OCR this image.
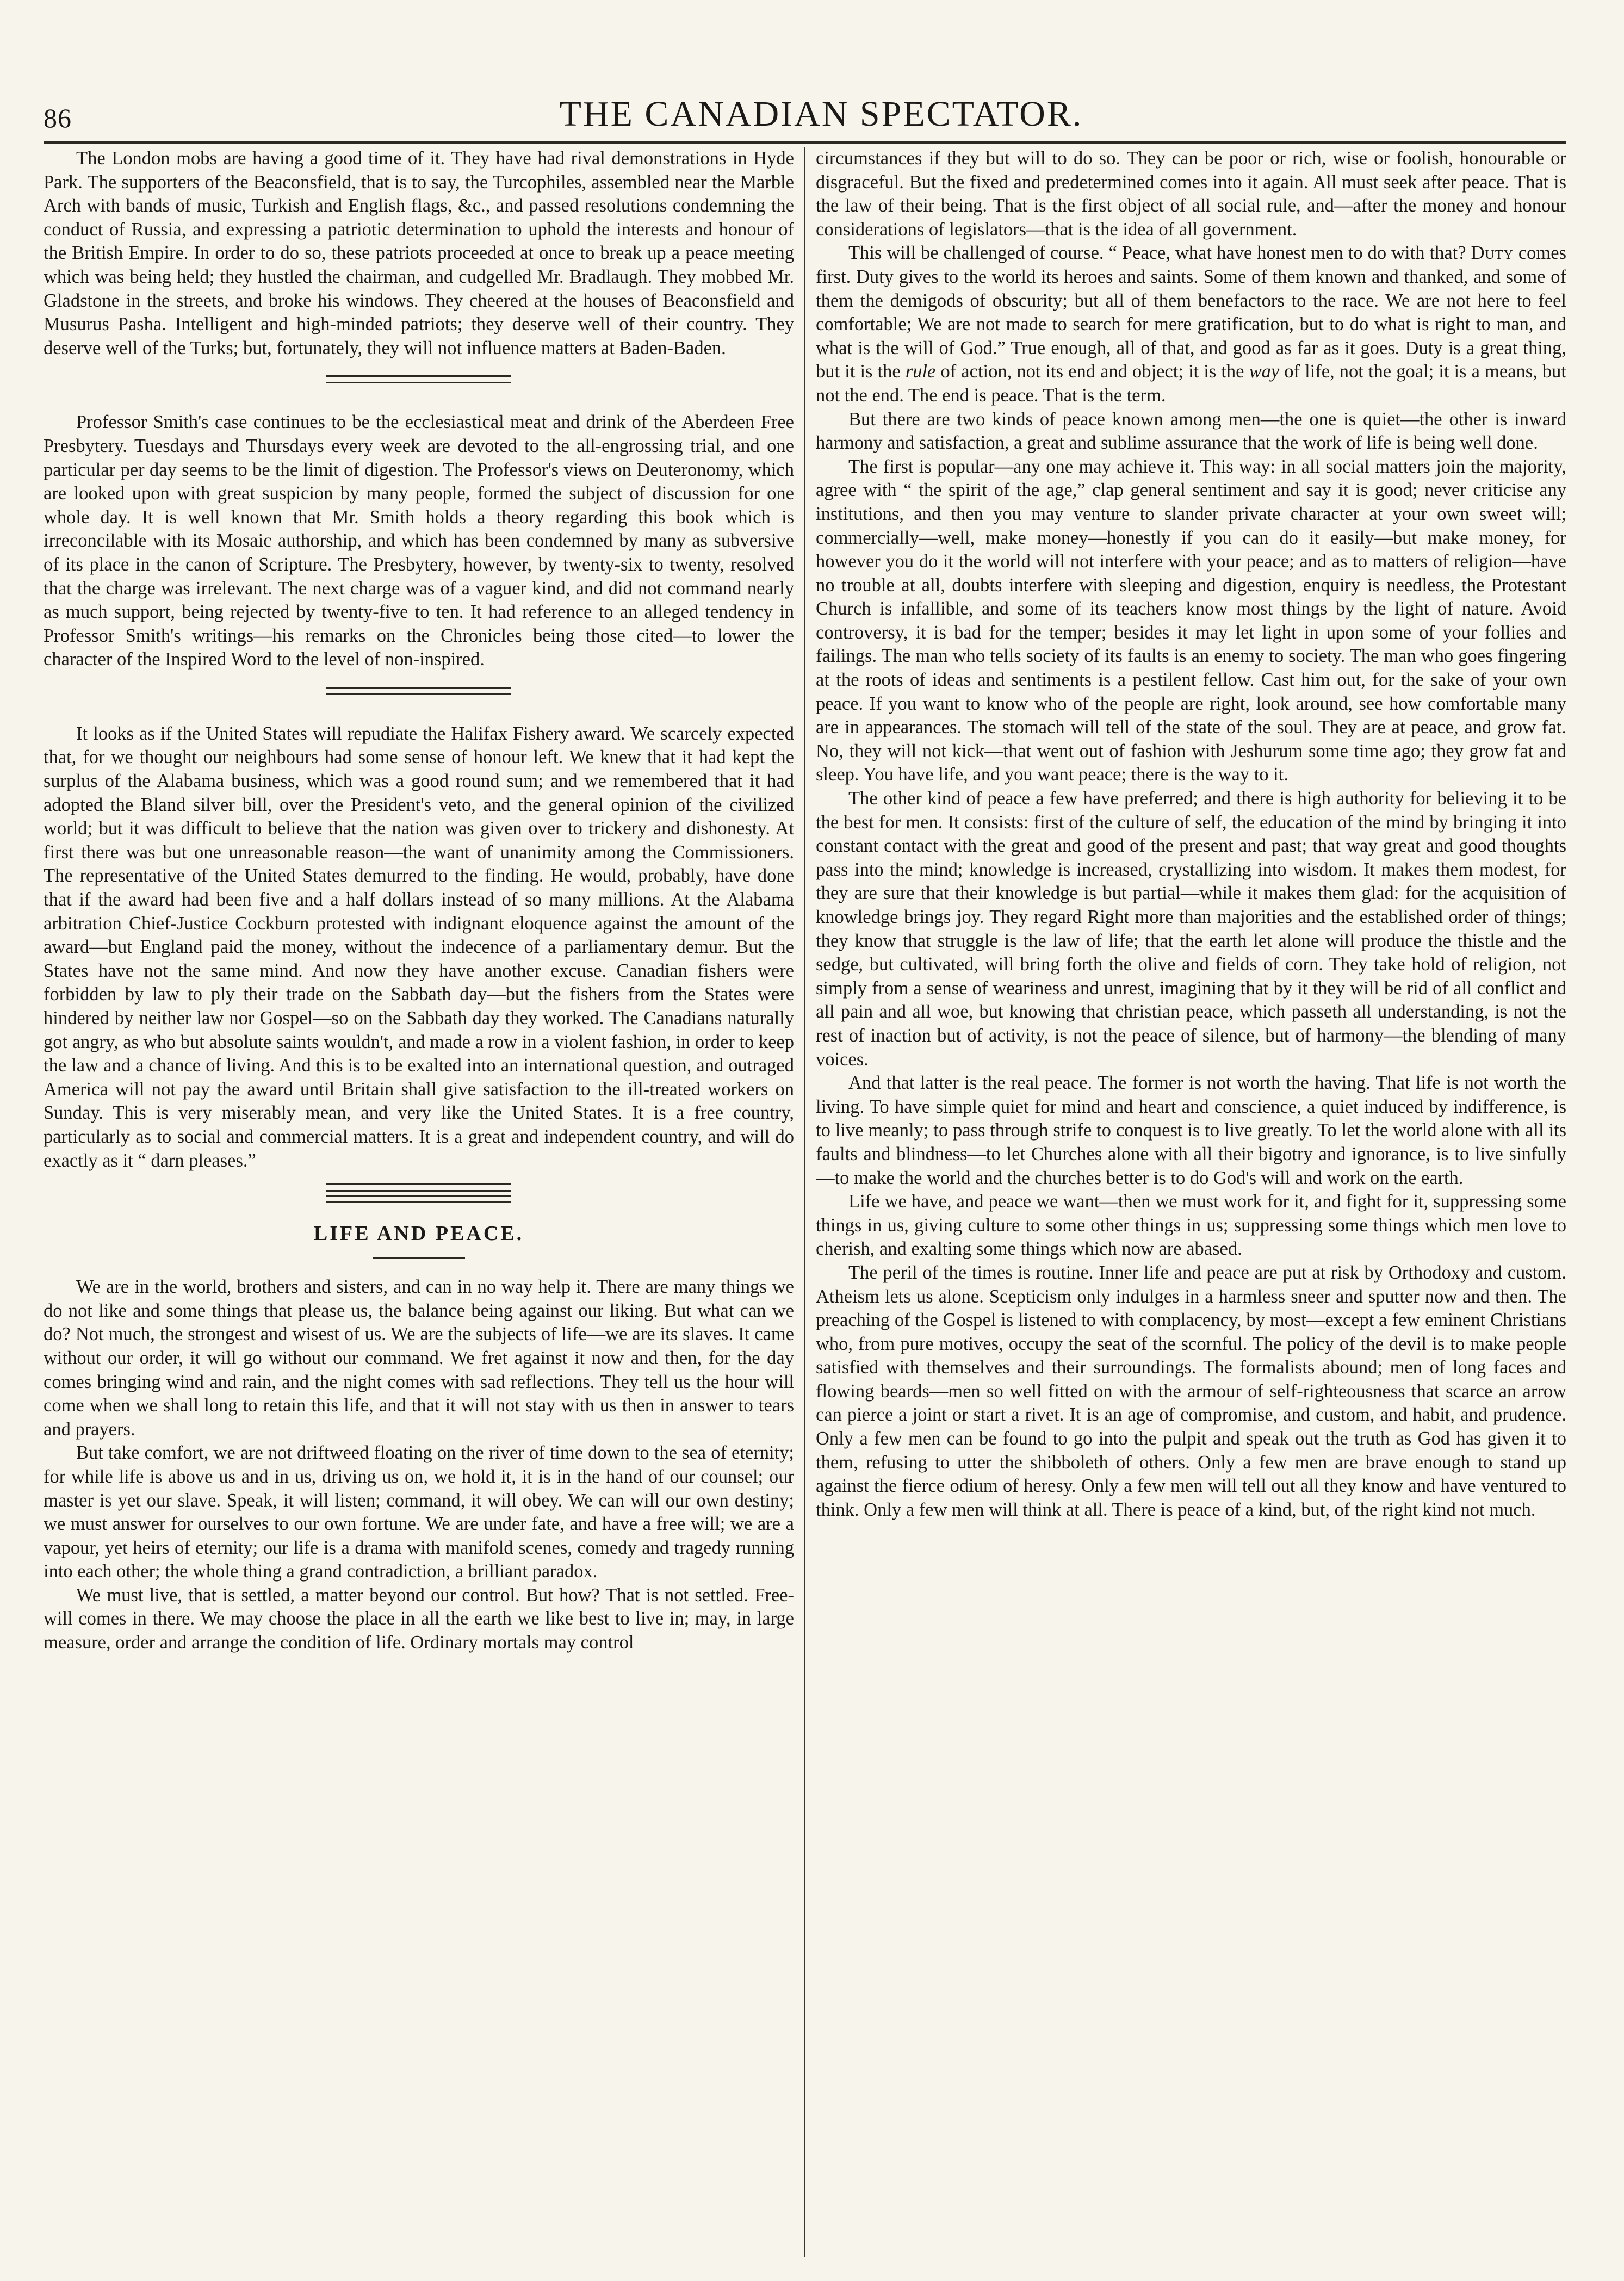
86	THE CANADIAN SPECTATOR.

The London mobs are having a good time of it. They have had rival demonstrations in Hyde Park. The supporters of the Beaconsfield, that is to say, the Turcophiles, assembled near the Marble Arch with bands of music, Turkish and English flags, &c., and passed resolutions condemning the conduct of Russia, and expressing a patriotic determination to uphold the interests and honour of the British Empire. In order to do so, these patriots proceeded at once to break up a peace meeting which was being held; they hustled the chairman, and cudgelled Mr. Bradlaugh. They mobbed Mr. Gladstone in the streets, and broke his windows. They cheered at the houses of Beaconsfield and Musurus Pasha. Intelligent and high-minded patriots; they deserve well of their country. They deserve well of the Turks; but, fortunately, they will not influence matters at Baden-Baden.

Professor Smith's case continues to be the ecclesiastical meat and drink of the Aberdeen Free Presbytery. Tuesdays and Thursdays every week are devoted to the all-engrossing trial, and one particular per day seems to be the limit of digestion. The Professor's views on Deuteronomy, which are looked upon with great suspicion by many people, formed the subject of discussion for one whole day. It is well known that Mr. Smith holds a theory regarding this book which is irreconcilable with its Mosaic authorship, and which has been condemned by many as subversive of its place in the canon of Scripture. The Presbytery, however, by twenty-six to twenty, resolved that the charge was irrelevant. The next charge was of a vaguer kind, and did not command nearly as much support, being rejected by twenty-five to ten. It had reference to an alleged tendency in Professor Smith's writings—his remarks on the Chronicles being those cited—to lower the character of the Inspired Word to the level of non-inspired.

It looks as if the United States will repudiate the Halifax Fishery award. We scarcely expected that, for we thought our neighbours had some sense of honour left. We knew that it had kept the surplus of the Alabama business, which was a good round sum; and we remembered that it had adopted the Bland silver bill, over the President's veto, and the general opinion of the civilized world; but it was difficult to believe that the nation was given over to trickery and dishonesty. At first there was but one unreasonable reason—the want of unanimity among the Commissioners. The representative of the United States demurred to the finding. He would, probably, have done that if the award had been five and a half dollars instead of so many millions. At the Alabama arbitration Chief-Justice Cockburn protested with indignant eloquence against the amount of the award—but England paid the money, without the indecence of a parliamentary demur. But the States have not the same mind. And now they have another excuse. Canadian fishers were forbidden by law to ply their trade on the Sabbath day—but the fishers from the States were hindered by neither law nor Gospel—so on the Sabbath day they worked. The Canadians naturally got angry, as who but absolute saints wouldn't, and made a row in a violent fashion, in order to keep the law and a chance of living. And this is to be exalted into an international question, and outraged America will not pay the award until Britain shall give satisfaction to the ill-treated workers on Sunday. This is very miserably mean, and very like the United States. It is a free country, particularly as to social and commercial matters. It is a great and independent country, and will do exactly as it “ darn pleases.”

LIFE AND PEACE.

We are in the world, brothers and sisters, and can in no way help it. There are many things we do not like and some things that please us, the balance being against our liking. But what can we do? Not much, the strongest and wisest of us. We are the subjects of life—we are its slaves. It came without our order, it will go without our command. We fret against it now and then, for the day comes bringing wind and rain, and the night comes with sad reflections. They tell us the hour will come when we shall long to retain this life, and that it will not stay with us then in answer to tears and prayers.

But take comfort, we are not driftweed floating on the river of time down to the sea of eternity; for while life is above us and in us, driving us on, we hold it, it is in the hand of our counsel; our master is yet our slave. Speak, it will listen; command, it will obey. We can will our own destiny; we must answer for ourselves to our own fortune. We are under fate, and have a free will; we are a vapour, yet heirs of eternity; our life is a drama with manifold scenes, comedy and tragedy running into each other; the whole thing a grand contradiction, a brilliant paradox.

We must live, that is settled, a matter beyond our control. But how? That is not settled. Free-will comes in there. We may choose the place in all the earth we like best to live in; may, in large measure, order and arrange the condition of life. Ordinary mortals may control

circumstances if they but will to do so. They can be poor or rich, wise or foolish, honourable or disgraceful. But the fixed and predetermined comes into it again. All must seek after peace. That is the law of their being. That is the first object of all social rule, and—after the money and honour considerations of legislators—that is the idea of all government.

This will be challenged of course. “ Peace, what have honest men to do with that? Duty comes first. Duty gives to the world its heroes and saints. Some of them known and thanked, and some of them the demigods of obscurity; but all of them benefactors to the race. We are not here to feel comfortable; We are not made to search for mere gratification, but to do what is right to man, and what is the will of God.” True enough, all of that, and good as far as it goes. Duty is a great thing, but it is the rule of action, not its end and object; it is the way of life, not the goal; it is a means, but not the end. The end is peace. That is the term.

But there are two kinds of peace known among men—the one is quiet—the other is inward harmony and satisfaction, a great and sublime assurance that the work of life is being well done.

The first is popular—any one may achieve it. This way: in all social matters join the majority, agree with “ the spirit of the age,” clap general sentiment and say it is good; never criticise any institutions, and then you may venture to slander private character at your own sweet will; commercially—well, make money—honestly if you can do it easily—but make money, for however you do it the world will not interfere with your peace; and as to matters of religion—have no trouble at all, doubts interfere with sleeping and digestion, enquiry is needless, the Protestant Church is infallible, and some of its teachers know most things by the light of nature. Avoid controversy, it is bad for the temper; besides it may let light in upon some of your follies and failings. The man who tells society of its faults is an enemy to society. The man who goes fingering at the roots of ideas and sentiments is a pestilent fellow. Cast him out, for the sake of your own peace. If you want to know who of the people are right, look around, see how comfortable many are in appearances. The stomach will tell of the state of the soul. They are at peace, and grow fat. No, they will not kick—that went out of fashion with Jeshurum some time ago; they grow fat and sleep. You have life, and you want peace; there is the way to it.

The other kind of peace a few have preferred; and there is high authority for believing it to be the best for men. It consists: first of the culture of self, the education of the mind by bringing it into constant contact with the great and good of the present and past; that way great and good thoughts pass into the mind; knowledge is increased, crystallizing into wisdom. It makes them modest, for they are sure that their knowledge is but partial—while it makes them glad: for the acquisition of knowledge brings joy. They regard Right more than majorities and the established order of things; they know that struggle is the law of life; that the earth let alone will produce the thistle and the sedge, but cultivated, will bring forth the olive and fields of corn. They take hold of religion, not simply from a sense of weariness and unrest, imagining that by it they will be rid of all conflict and all pain and all woe, but knowing that christian peace, which passeth all understanding, is not the rest of inaction but of activity, is not the peace of silence, but of harmony—the blending of many voices.

And that latter is the real peace. The former is not worth the having. That life is not worth the living. To have simple quiet for mind and heart and conscience, a quiet induced by indifference, is to live meanly; to pass through strife to conquest is to live greatly. To let the world alone with all its faults and blindness—to let Churches alone with all their bigotry and ignorance, is to live sinfully—to make the world and the churches better is to do God's will and work on the earth.

Life we have, and peace we want—then we must work for it, and fight for it, suppressing some things in us, giving culture to some other things in us; suppressing some things which men love to cherish, and exalting some things which now are abased.

The peril of the times is routine. Inner life and peace are put at risk by Orthodoxy and custom. Atheism lets us alone. Scepticism only indulges in a harmless sneer and sputter now and then. The preaching of the Gospel is listened to with complacency, by most—except a few eminent Christians who, from pure motives, occupy the seat of the scornful. The policy of the devil is to make people satisfied with themselves and their surroundings. The formalists abound; men of long faces and flowing beards—men so well fitted on with the armour of self-righteousness that scarce an arrow can pierce a joint or start a rivet. It is an age of compromise, and custom, and habit, and prudence. Only a few men can be found to go into the pulpit and speak out the truth as God has given it to them, refusing to utter the shibboleth of others. Only a few men are brave enough to stand up against the fierce odium of heresy. Only a few men will tell out all they know and have ventured to think. Only a few men will think at all. There is peace of a kind, but, of the right kind not much.
